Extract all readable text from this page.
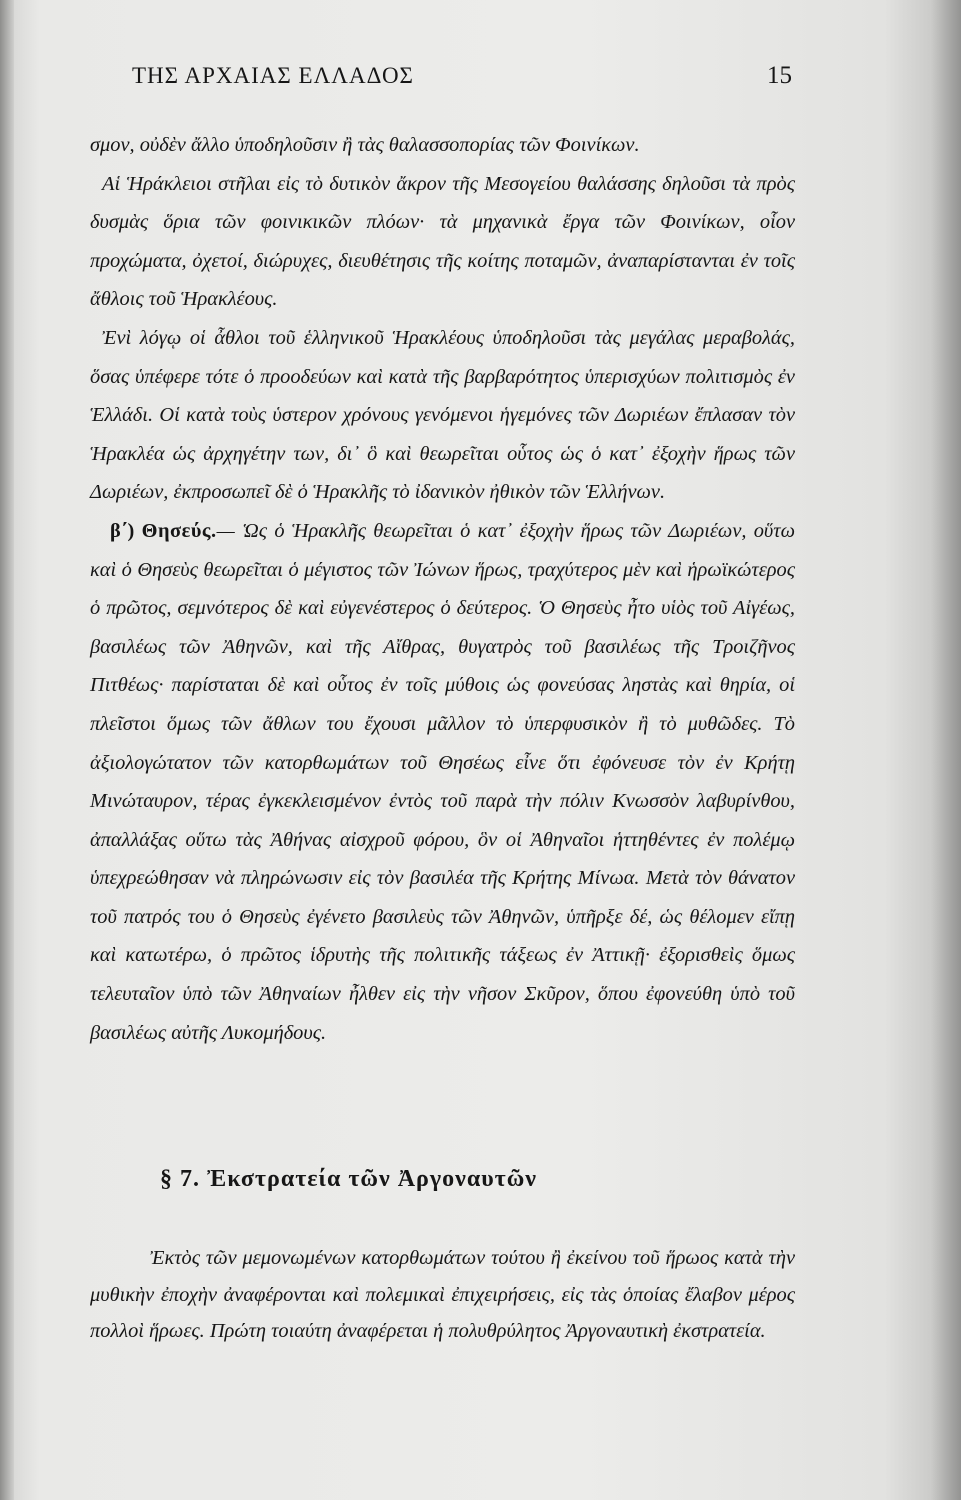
ΤΗΣ ΑΡΧΑΙΑΣ ΕΛΛΑΔΟΣ	15

σμον, οὐδὲν ἄλλο ὑποδηλοῦσιν ἢ τὰς θαλασσοπορίας τῶν Φοινίκων.

Αἱ Ἡράκλειοι στῆλαι εἰς τὸ δυτικὸν ἄκρον τῆς Μεσογείου θαλάσσης δηλοῦσι τὰ πρὸς δυσμὰς ὅρια τῶν φοινικικῶν πλόων· τὰ μηχανικὰ ἔργα τῶν Φοινίκων, οἷον προχώματα, ὀχετοί, διώρυχες, διευθέτησις τῆς κοίτης ποταμῶν, ἀναπαρίστανται ἐν τοῖς ἄθλοις τοῦ Ἡρακλέους.

Ἐνὶ λόγῳ οἱ ἆθλοι τοῦ ἑλληνικοῦ Ἡρακλέους ὑποδηλοῦσι τὰς μεγάλας μεραβολάς, ὅσας ὑπέφερε τότε ὁ προοδεύων καὶ κατὰ τῆς βαρβαρότητος ὑπερισχύων πολιτισμὸς ἐν Ἑλλάδι. Οἱ κατὰ τοὺς ὑστερον χρόνους γενόμενοι ἡγεμόνες τῶν Δωριέων ἔπλασαν τὸν Ἡρακλέα ὡς ἀρχηγέτην των, δι᾽ ὃ καὶ θεωρεῖται οὗτος ὡς ὁ κατ᾽ ἐξοχὴν ἥρως τῶν Δωριέων, ἐκπροσωπεῖ δὲ ὁ Ἡρακλῆς τὸ ἰδανικὸν ἠθικὸν τῶν Ἑλλήνων.

β΄) Θησεύς.— Ὡς ὁ Ἡρακλῆς θεωρεῖται ὁ κατ᾽ ἐξοχὴν ἥρως τῶν Δωριέων, οὕτω καὶ ὁ Θησεὺς θεωρεῖται ὁ μέγιστος τῶν Ἰώνων ἥρως, τραχύτερος μὲν καὶ ἡρωϊκώτερος ὁ πρῶτος, σεμνότερος δὲ καὶ εὐγενέστερος ὁ δεύτερος. Ὁ Θησεὺς ἦτο υἱὸς τοῦ Αἰγέως, βασιλέως τῶν Ἀθηνῶν, καὶ τῆς Αἴθρας, θυγατρὸς τοῦ βασιλέως τῆς Τροιζῆνος Πιτθέως· παρίσταται δὲ καὶ οὗτος ἐν τοῖς μύθοις ὡς φονεύσας ληστὰς καὶ θηρία, οἱ πλεῖστοι ὅμως τῶν ἄθλων του ἔχουσι μᾶλλον τὸ ὑπερφυσικὸν ἢ τὸ μυθῶδες. Τὸ ἀξιολογώτατον τῶν κατορθωμάτων τοῦ Θησέως εἶνε ὅτι ἐφόνευσε τὸν ἐν Κρήτῃ Μινώταυρον, τέρας ἐγκεκλεισμένον ἐντὸς τοῦ παρὰ τὴν πόλιν Κνωσσὸν λαβυρίνθου, ἀπαλλάξας οὕτω τὰς Ἀθήνας αἰσχροῦ φόρου, ὃν οἱ Ἀθηναῖοι ἡττηθέντες ἐν πολέμῳ ὑπεχρεώθησαν νὰ πληρώνωσιν εἰς τὸν βασιλέα τῆς Κρήτης Μίνωα. Μετὰ τὸν θάνατον τοῦ πατρός του ὁ Θησεὺς ἐγένετο βασιλεὺς τῶν Ἀθηνῶν, ὑπῆρξε δέ, ὡς θέλομεν εἴπῃ καὶ κατωτέρω, ὁ πρῶτος ἱδρυτὴς τῆς πολιτικῆς τάξεως ἐν Ἀττικῇ· ἐξορισθεὶς ὅμως τελευταῖον ὑπὸ τῶν Ἀθηναίων ἦλθεν εἰς τὴν νῆσον Σκῦρον, ὅπου ἐφονεύθη ὑπὸ τοῦ βασιλέως αὐτῆς Λυκομήδους.

§ 7. Ἐκστρατεία τῶν Ἀργοναυτῶν

Ἐκτὸς τῶν μεμονωμένων κατορθωμάτων τούτου ἢ ἐκείνου τοῦ ἥρωος κατὰ τὴν μυθικὴν ἐποχὴν ἀναφέρονται καὶ πολεμικαὶ ἐπιχειρήσεις, εἰς τὰς ὁποίας ἔλαβον μέρος πολλοὶ ἥρωες. Πρώτη τοιαύτη ἀναφέρεται ἡ πολυθρύλητος Ἀργοναυτικὴ ἐκστρατεία.
